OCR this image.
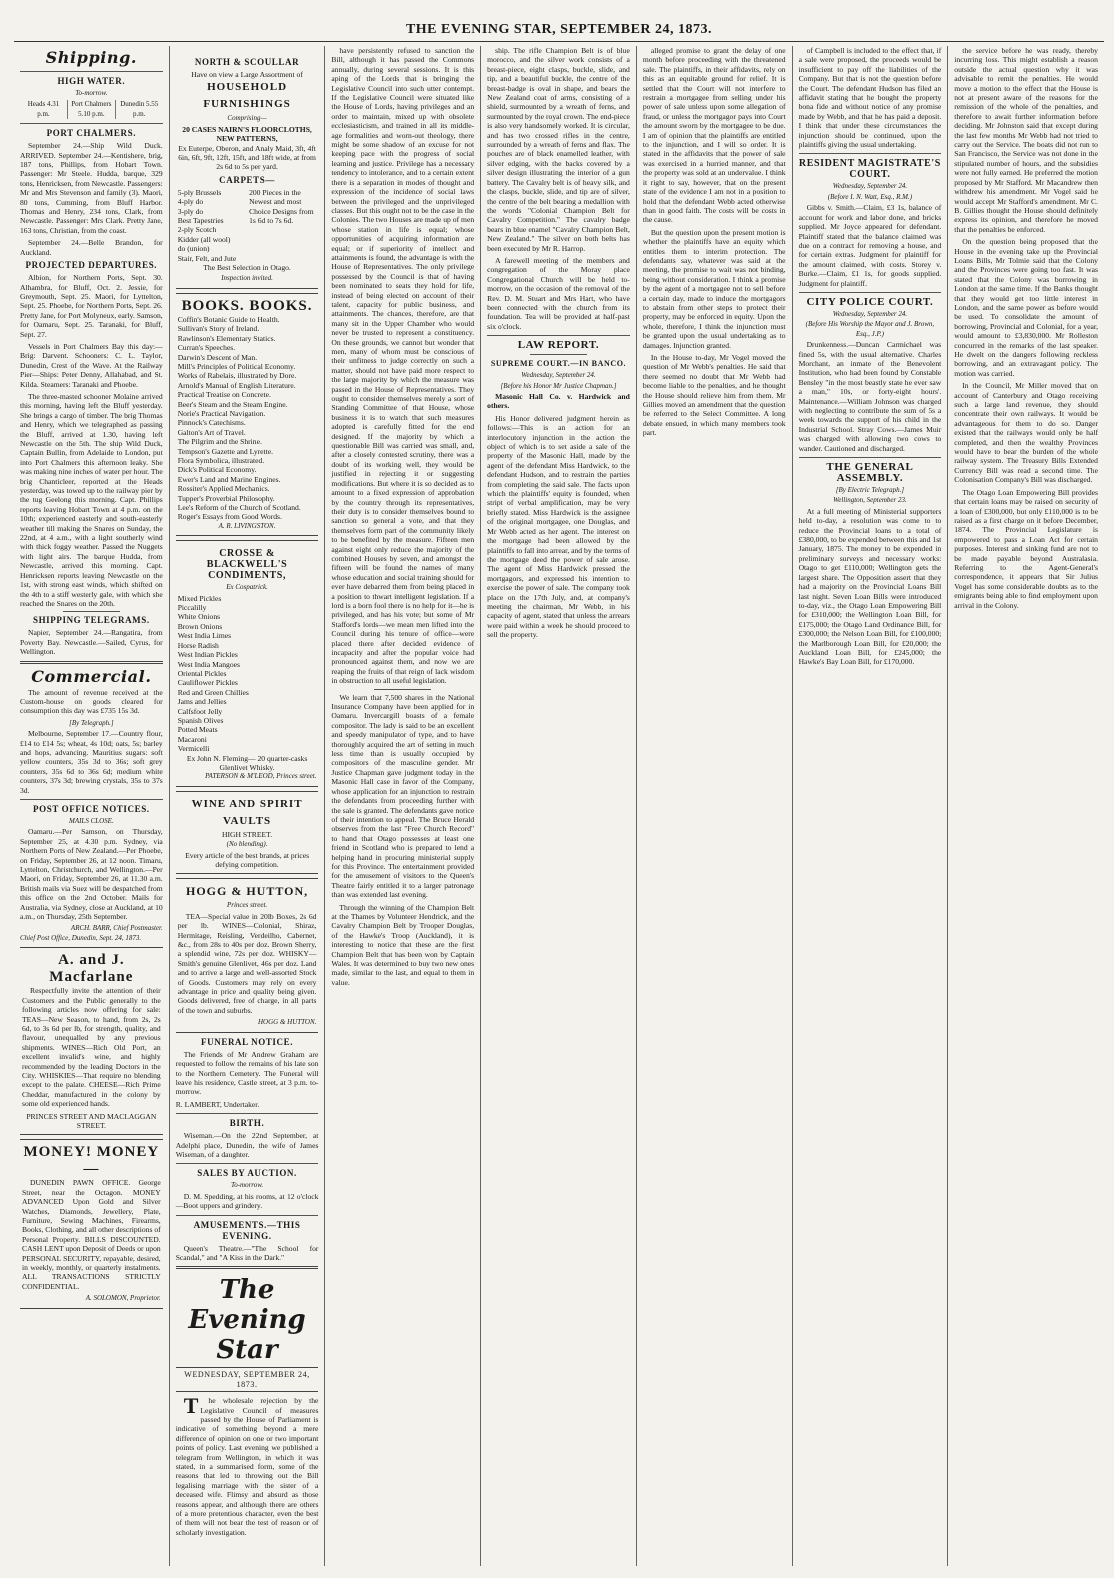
THE EVENING STAR, SEPTEMBER 24, 1873.
Shipping.
HIGH WATER.
To-morrow.
Heads 4.31 p.m.
Port Chalmers 5.10 p.m.
Dunedin 5.55 p.m.
PORT CHALMERS.

September 24.—Ship Wild Duck. ARRIVED. September 24.—Kentishere, brig, 187 tons, Phillips, from Hobart Town. Passenger: Mr Steele. Hudda, barque, 329 tons, Henricksen, from Newcastle. Passengers: Mr and Mrs Stevenson and family (3). Maori, 80 tons, Cumming, from Bluff Harbor. Thomas and Henry, 234 tons, Clark, from Newcastle. Passenger: Mrs Clark. Pretty Jane, 163 tons, Christian, from the coast.

September 24.—Belle Brandon, for Auckland.

PROJECTED DEPARTURES.

Albion, for Northern Ports, Sept. 30. Alhambra, for Bluff, Oct. 2. Jessie, for Greymouth, Sept. 25. Maori, for Lyttelton, Sept. 25. Phoebe, for Northern Ports, Sept. 26. Pretty Jane, for Port Molyneux, early. Samson, for Oamaru, Sept. 25. Taranaki, for Bluff, Sept. 27.

Vessels in Port Chalmers Bay this day:—Brig: Darvent. Schooners: C. L. Taylor, Dunedin, Crest of the Wave. At the Railway Pier—Ships: Peter Denny, Allahabad, and St. Kilda. Steamers: Taranaki and Phoebe.

The three-masted schooner Molaine arrived this morning, having left the Bluff yesterday. She brings a cargo of timber. The brig Thomas and Henry, which we telegraphed as passing the Bluff, arrived at 1.30, having left Newcastle on the 5th. The ship Wild Duck, Captain Bullin, from Adelaide to London, put into Port Chalmers this afternoon leaky. She was making nine inches of water per hour. The brig Chanticleer, reported at the Heads yesterday, was towed up to the railway pier by the tug Geelong this morning. Capt. Phillips reports leaving Hobart Town at 4 p.m. on the 10th; experienced easterly and south-easterly weather till making the Snares on Sunday, the 22nd, at 4 a.m., with a light southerly wind with thick foggy weather. Passed the Nuggets with light airs. The barque Hudda, from Newcastle, arrived this morning. Capt. Henricksen reports leaving Newcastle on the 1st, with strong east winds, which shifted on the 4th to a stiff westerly gale, with which she reached the Snares on the 20th.

SHIPPING TELEGRAMS.

Napier, September 24.—Rangatira, from Poverty Bay. Newcastle.—Sailed, Cyrus, for Wellington.

Commercial.

The amount of revenue received at the Custom-house on goods cleared for consumption this day was £735 15s 3d.

[By Telegraph.]

Melbourne, September 17.—Country flour, £14 to £14 5s; wheat, 4s 10d; oats, 5s; barley and hops, advancing. Mauritius sugars: soft yellow counters, 35s 3d to 36s; soft grey counters, 35s 6d to 36s 6d; medium white counters, 37s 3d; brewing crystals, 35s to 37s 3d.

POST OFFICE NOTICES.
MAILS CLOSE.

Oamaru.—Per Samson, on Thursday, September 25, at 4.30 p.m. Sydney, via Northern Ports of New Zealand.—Per Phoebe, on Friday, September 26, at 12 noon. Timaru, Lyttelton, Christchurch, and Wellington.—Per Maori, on Friday, September 26, at 11.30 a.m. British mails via Suez will be despatched from this office on the 2nd October. Mails for Australia, via Sydney, close at Auckland, at 10 a.m., on Thursday, 25th September.

ARCH. BARR, Chief Postmaster.
Chief Post Office, Dunedin, Sept. 24, 1873.
A. and J. Macfarlane

Respectfully invite the attention of their Customers and the Public generally to the following articles now offering for sale: TEAS—New Season, to hand, from 2s, 2s 6d, to 3s 6d per lb, for strength, quality, and flavour, unequalled by any previous shipments. WINES—Rich Old Port, an excellent invalid's wine, and highly recommended by the leading Doctors in the City. WHISKIES—That require no blending except to the palate. CHEESE—Rich Prime Cheddar, manufactured in the colony by some old experienced hands.

PRINCES STREET AND MACLAGGAN STREET.
MONEY! MONEY—

DUNEDIN PAWN OFFICE. George Street, near the Octagon. MONEY ADVANCED Upon Gold and Silver Watches, Diamonds, Jewellery, Plate, Furniture, Sewing Machines, Firearms, Books, Clothing, and all other descriptions of Personal Property. BILLS DISCOUNTED. CASH LENT upon Deposit of Deeds or upon PERSONAL SECURITY, repayable, desired, in weekly, monthly, or quarterly instalments. ALL TRANSACTIONS STRICTLY CONFIDENTIAL.

A. SOLOMON, Proprietor.
NORTH & SCOULLAR
Have on view a Large Assortment of
HOUSEHOLD FURNISHINGS
Comprising—
20 CASES NAIRN'S FLOORCLOTHS, NEW PATTERNS,
Ex Euterpe, Oberon, and Analy Maid, 3ft, 4ft 6in, 6ft, 9ft, 12ft, 15ft, and 18ft wide, at from 2s 6d to 5s per yard.
CARPETS—
5-ply Brussels
4-ply do
3-ply do
Best Tapestries
2-ply Scotch
Kidder (all wool)
do (union)
Stair, Felt, and Jute
200 Pieces in the Newest and most Choice Designs from 1s 6d to 7s 6d.
The Best Selection in Otago.
Inspection invited.
BOOKS. BOOKS.
Coffin's Botanic Guide to Health.
Sullivan's Story of Ireland.
Rawlinson's Elementary Statics.
Curran's Speeches.
Darwin's Descent of Man.
Mill's Principles of Political Economy.
Works of Rabelais, illustrated by Dore.
Arnold's Manual of English Literature.
Practical Treatise on Concrete.
Beer's Steam and the Steam Engine.
Norie's Practical Navigation.
Pinnock's Catechisms.
Galton's Art of Travel.
The Pilgrim and the Shrine.
Tempson's Gazette and Lyrette.
Flora Symbolica, illustrated.
Dick's Political Economy.
Ewer's Land and Marine Engines.
Rossiter's Applied Mechanics.
Tupper's Proverbial Philosophy.
Lee's Reform of the Church of Scotland.
Roger's Essays from Good Words.
A. R. LIVINGSTON.
CROSSE & BLACKWELL'S CONDIMENTS,
Ex Cospatrick.
Mixed Pickles
Piccalilly
White Onions
Brown Onions
West India Limes
Horse Radish
West Indian Pickles
West India Mangoes
Oriental Pickles
Cauliflower Pickles
Red and Green Chillies
Jams and Jellies
Calfsfoot Jelly
Spanish Olives
Potted Meats
Macaroni
Vermicelli
Ex John N. Fleming— 20 quarter-casks Glenlivet Whisky.
PATERSON & M'LEOD, Princes street.
WINE AND SPIRIT VAULTS
HIGH STREET.
(No blending).
Every article of the best brands, at prices defying competition.
HOGG & HUTTON,
Princes street.

TEA—Special value in 20lb Boxes, 2s 6d per lb. WINES—Colonial, Shiraz, Hermitage, Reisling, Verdeilho, Cabernet, &c., from 28s to 40s per doz. Brown Sherry, a splendid wine, 72s per doz. WHISKY—Smith's genuine Glenlivet, 46s per doz. Land and to arrive a large and well-assorted Stock of Goods. Customers may rely on every advantage in price and quality being given. Goods delivered, free of charge, in all parts of the town and suburbs.

HOGG & HUTTON.
FUNERAL NOTICE.

The Friends of Mr Andrew Graham are requested to follow the remains of his late son to the Northern Cemetery. The Funeral will leave his residence, Castle street, at 3 p.m. to-morrow.

R. LAMBERT, Undertaker.
BIRTH.

Wiseman.—On the 22nd September, at Adelphi place, Dunedin, the wife of James Wiseman, of a daughter.

SALES BY AUCTION.
To-morrow.

D. M. Spedding, at his rooms, at 12 o'clock —Boot uppers and grindery.

AMUSEMENTS.—THIS EVENING.

Queen's Theatre.—"The School for Scandal," and "A Kiss in the Dark."

The Evening Star
WEDNESDAY, SEPTEMBER 24, 1873.

The wholesale rejection by the Legislative Council of measures passed by the House of Parliament is indicative of something beyond a mere difference of opinion on one or two important points of policy. Last evening we published a telegram from Wellington, in which it was stated, in a summarised form, some of the reasons that led to throwing out the Bill legalising marriage with the sister of a deceased wife. Flimsy and absurd as those reasons appear, and although there are others of a more pretentious character, even the best of them will not bear the test of reason or of scholarly investigation.

have persistently refused to sanction the Bill, although it has passed the Commons annually, during several sessions. It is this aping of the Lords that is bringing the Legislative Council into such utter contempt. If the Legislative Council were situated like the House of Lords, having privileges and an order to maintain, mixed up with obsolete ecclesiasticism, and trained in all its middle-age formalities and worn-out theology, there might be some shadow of an excuse for not keeping pace with the progress of social learning and justice. Privilege has a necessary tendency to intolerance, and to a certain extent there is a separation in modes of thought and expression of the incidence of social laws between the privileged and the unprivileged classes. But this ought not to be the case in the Colonies. The two Houses are made up of men whose station in life is equal; whose opportunities of acquiring information are equal; or if superiority of intellect and attainments is found, the advantage is with the House of Representatives. The only privilege possessed by the Council is that of having been nominated to seats they hold for life, instead of being elected on account of their talent, capacity for public business, and attainments. The chances, therefore, are that many sit in the Upper Chamber who would never be trusted to represent a constituency. On these grounds, we cannot but wonder that men, many of whom must be conscious of their unfitness to judge correctly on such a matter, should not have paid more respect to the large majority by which the measure was passed in the House of Representatives. They ought to consider themselves merely a sort of Standing Committee of that House, whose business it is to watch that such measures adopted is carefully fitted for the end designed. If the majority by which a questionable Bill was carried was small, and, after a closely contested scrutiny, there was a doubt of its working well, they would be justified in rejecting it or suggesting modifications. But where it is so decided as to amount to a fixed expression of approbation by the country through its representatives, their duty is to consider themselves bound to sanction so general a vote, and that they themselves form part of the community likely to be benefited by the measure. Fifteen men against eight only reduce the majority of the combined Houses by seven, and amongst the fifteen will be found the names of many whose education and social training should for ever have debarred them from being placed in a position to thwart intelligent legislation. If a lord is a born fool there is no help for it—he is privileged, and has his vote; but some of Mr Stafford's lords—we mean men lifted into the Council during his tenure of office—were placed there after decided evidence of incapacity and after the popular voice had pronounced against them, and now we are reaping the fruits of that reign of lack wisdom in obstruction to all useful legislation.

We learn that 7,500 shares in the National Insurance Company have been applied for in Oamaru. Invercargill boasts of a female compositor. The lady is said to be an excellent and speedy manipulator of type, and to have thoroughly acquired the art of setting in much less time than is usually occupied by compositors of the masculine gender. Mr Justice Chapman gave judgment today in the Masonic Hall case in favor of the Company, whose application for an injunction to restrain the defendants from proceeding further with the sale is granted. The defendants gave notice of their intention to appeal. The Bruce Herald observes from the last "Free Church Record" to hand that Otago possesses at least one friend in Scotland who is prepared to lend a helping hand in procuring ministerial supply for this Province. The entertainment provided for the amusement of visitors to the Queen's Theatre fairly entitled it to a larger patronage than was extended last evening.

Through the winning of the Champion Belt at the Thames by Volunteer Hendrick, and the Cavalry Champion Belt by Trooper Douglas, of the Hawke's Troop (Auckland), it is interesting to notice that these are the first Champion Belt that has been won by Captain Wales. It was determined to buy two new ones made, similar to the last, and equal to them in value.

ship. The rifle Champion Belt is of blue morocco, and the silver work consists of a breast-piece, eight clasps, buckle, slide, and tip, and a beautiful buckle, the centre of the breast-badge is oval in shape, and bears the New Zealand coat of arms, consisting of a shield, surmounted by a wreath of ferns, and surmounted by the royal crown. The end-piece is also very handsomely worked. It is circular, and has two crossed rifles in the centre, surrounded by a wreath of ferns and flax. The pouches are of black enamelled leather, with silver edging, with the backs covered by a silver design illustrating the interior of a gun battery. The Cavalry belt is of heavy silk, and the clasps, buckle, slide, and tip are of silver, the centre of the belt bearing a medallion with the words "Colonial Champion Belt for Cavalry Competition." The cavalry badge bears in blue enamel "Cavalry Champion Belt, New Zealand." The silver on both belts has been executed by Mr R. Harrop.

A farewell meeting of the members and congregation of the Moray place Congregational Church will be held to-morrow, on the occasion of the removal of the Rev. D. M. Stuart and Mrs Hart, who have been connected with the church from its foundation. Tea will be provided at half-past six o'clock.

LAW REPORT.
SUPREME COURT.—IN BANCO.
Wednesday, September 24.
[Before his Honor Mr Justice Chapman.]

Masonic Hall Co. v. Hardwick and others.

His Honor delivered judgment herein as follows:—This is an action for an interlocutory injunction in the action the object of which is to set aside a sale of the property of the Masonic Hall, made by the agent of the defendant Miss Hardwick, to the defendant Hudson, and to restrain the parties from completing the said sale. The facts upon which the plaintiffs' equity is founded, when stript of verbal amplification, may be very briefly stated. Miss Hardwick is the assignee of the original mortgagee, one Douglas, and Mr Webb acted as her agent. The interest on the mortgage had been allowed by the plaintiffs to fall into arrear, and by the terms of the mortgage deed the power of sale arose. The agent of Miss Hardwick pressed the mortgagors, and expressed his intention to exercise the power of sale. The company took place on the 17th July, and, at company's meeting the chairman, Mr Webb, in his capacity of agent, stated that unless the arrears were paid within a week he should proceed to sell the property.

alleged promise to grant the delay of one month before proceeding with the threatened sale. The plaintiffs, in their affidavits, rely on this as an equitable ground for relief. It is settled that the Court will not interfere to restrain a mortgagee from selling under his power of sale unless upon some allegation of fraud, or unless the mortgagor pays into Court the amount sworn by the mortgagee to be due. I am of opinion that the plaintiffs are entitled to the injunction, and I will so order. It is stated in the affidavits that the power of sale was exercised in a hurried manner, and that the property was sold at an undervalue. I think it right to say, however, that on the present state of the evidence I am not in a position to hold that the defendant Webb acted otherwise than in good faith. The costs will be costs in the cause.

But the question upon the present motion is whether the plaintiffs have an equity which entitles them to interim protection. The defendants say, whatever was said at the meeting, the promise to wait was not binding, being without consideration. I think a promise by the agent of a mortgagee not to sell before a certain day, made to induce the mortgagors to abstain from other steps to protect their property, may be enforced in equity. Upon the whole, therefore, I think the injunction must be granted upon the usual undertaking as to damages. Injunction granted.

In the House to-day, Mr Vogel moved the question of Mr Webb's penalties. He said that there seemed no doubt that Mr Webb had become liable to the penalties, and he thought the House should relieve him from them. Mr Gillies moved an amendment that the question be referred to the Select Committee. A long debate ensued, in which many members took part.

of Campbell is included to the effect that, if a sale were proposed, the proceeds would be insufficient to pay off the liabilities of the Company. But that is not the question before the Court. The defendant Hudson has filed an affidavit stating that he bought the property bona fide and without notice of any promise made by Webb, and that he has paid a deposit. I think that under these circumstances the injunction should be continued, upon the plaintiffs giving the usual undertaking.

RESIDENT MAGISTRATE'S COURT.
Wednesday, September 24.
(Before I. N. Watt, Esq., R.M.)

Gibbs v. Smith.—Claim, £3 1s, balance of account for work and labor done, and bricks supplied. Mr Joyce appeared for defendant. Plaintiff stated that the balance claimed was due on a contract for removing a house, and for certain extras. Judgment for plaintiff for the amount claimed, with costs. Storey v. Burke.—Claim, £1 1s, for goods supplied. Judgment for plaintiff.

CITY POLICE COURT.
Wednesday, September 24.
(Before His Worship the Mayor and J. Brown, Esq., J.P.)

Drunkenness.—Duncan Carmichael was fined 5s, with the usual alternative. Charles Morchant, an inmate of the Benevolent Institution, who had been found by Constable Bensley "in the most beastly state he ever saw a man," 10s, or forty-eight hours'. Maintenance.—William Johnson was charged with neglecting to contribute the sum of 5s a week towards the support of his child in the Industrial School. Stray Cows.—James Muir was charged with allowing two cows to wander. Cautioned and discharged.

THE GENERAL ASSEMBLY.
[By Electric Telegraph.]
Wellington, September 23.

At a full meeting of Ministerial supporters held to-day, a resolution was come to to reduce the Provincial loans to a total of £380,000, to be expended between this and 1st January, 1875. The money to be expended in preliminary surveys and necessary works: Otago to get £110,000; Wellington gets the largest share. The Opposition assert that they had a majority on the Provincial Loans Bill last night. Seven Loan Bills were introduced to-day, viz., the Otago Loan Empowering Bill for £310,000; the Wellington Loan Bill, for £175,000; the Otago Land Ordinance Bill, for £300,000; the Nelson Loan Bill, for £100,000; the Marlborough Loan Bill, for £20,000; the Auckland Loan Bill, for £245,000; the Hawke's Bay Loan Bill, for £170,000.

the service before he was ready, thereby incurring loss. This might establish a reason outside the actual question why it was advisable to remit the penalties. He would move a motion to the effect that the House is not at present aware of the reasons for the remission of the whole of the penalties, and therefore to await further information before deciding. Mr Johnston said that except during the last few months Mr Webb had not tried to carry out the Service. The boats did not run to San Francisco, the Service was not done in the stipulated number of hours, and the subsidies were not fully earned. He preferred the motion proposed by Mr Stafford. Mr Macandrew then withdrew his amendment. Mr Vogel said he would accept Mr Stafford's amendment. Mr C. B. Gillies thought the House should definitely express its opinion, and therefore he moved that the penalties be enforced.

On the question being proposed that the House in the evening take up the Provincial Loans Bills, Mr Tolmie said that the Colony and the Provinces were going too fast. It was stated that the Colony was borrowing in London at the same time. If the Banks thought that they would get too little interest in London, and the same power as before would be used. To consolidate the amount of borrowing, Provincial and Colonial, for a year, would amount to £3,830,000. Mr Rolleston concurred in the remarks of the last speaker. He dwelt on the dangers following reckless borrowing, and an extravagant policy. The motion was carried.

In the Council, Mr Miller moved that on account of Canterbury and Otago receiving such a large land revenue, they should concentrate their own railways. It would be advantageous for them to do so. Danger existed that the railways would only be half completed, and then the wealthy Provinces would have to bear the burden of the whole railway system. The Treasury Bills Extended Currency Bill was read a second time. The Colonisation Company's Bill was discharged.

The Otago Loan Empowering Bill provides that certain loans may be raised on security of a loan of £300,000, but only £110,000 is to be raised as a first charge on it before December, 1874. The Provincial Legislature is empowered to pass a Loan Act for certain purposes. Interest and sinking fund are not to be made payable beyond Australasia. Referring to the Agent-General's correspondence, it appears that Sir Julius Vogel has some considerable doubts as to the emigrants being able to find employment upon arrival in the Colony.
